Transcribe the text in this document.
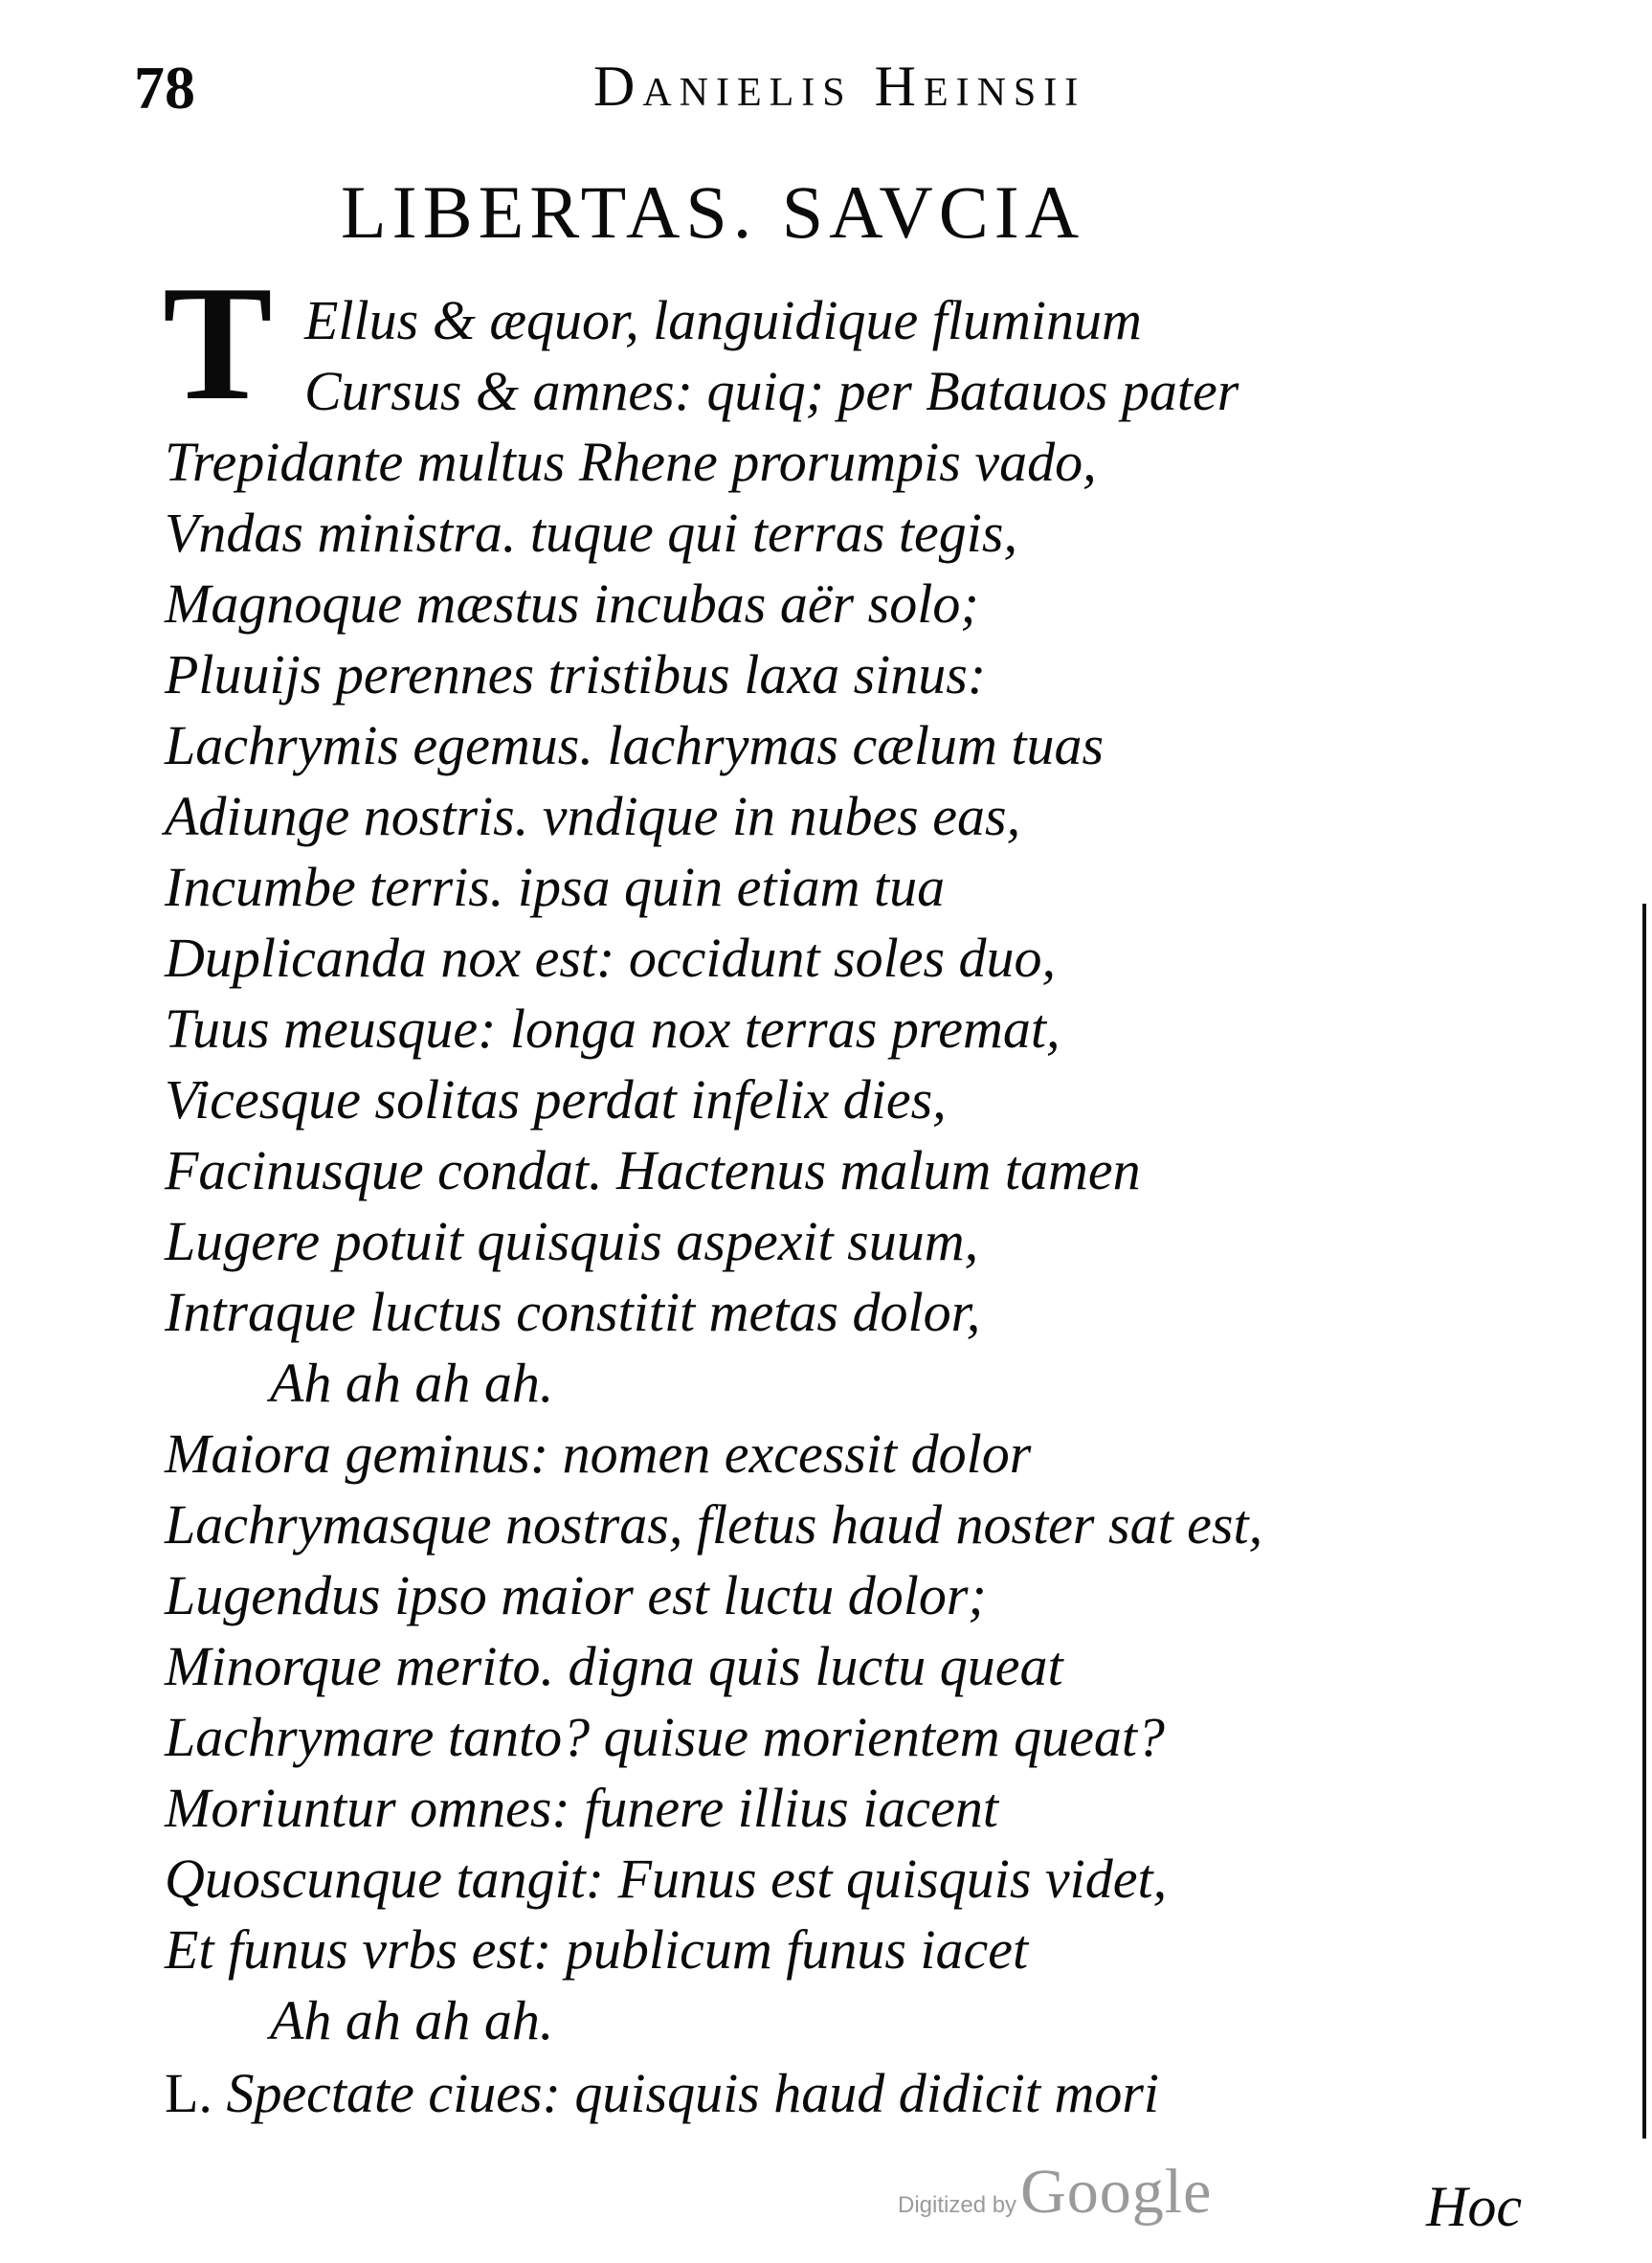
78	Danielis Heinsii
LIBERTAS. SAVCIA
T Ellus & æquor, languidique fluminum
Cursus & amnes: quiq; per Batauos pater
Trepidante multus Rhene prorumpis vado,
Vndas ministra. tuque qui terras tegis,
Magnoque mæstus incubas aër solo;
Pluuijs perennes tristibus laxa sinus:
Lachrymis egemus. lachrymas cælum tuas
Adiunge nostris. vndique in nubes eas,
Incumbe terris. ipsa quin etiam tua
Duplicanda nox est: occidunt soles duo,
Tuus meusque: longa nox terras premat,
Vicesque solitas perdat infelix dies,
Facinusque condat. Hactenus malum tamen
Lugere potuit quisquis aspexit suum,
Intraque luctus constitit metas dolor,
Ah ah ah ah.
Maiora geminus: nomen excessit dolor
Lachrymasque nostras, fletus haud noster sat est,
Lugendus ipso maior est luctu dolor;
Minorque merito. digna quis luctu queat
Lachrymare tanto? quisue morientem queat?
Moriuntur omnes: funere illius iacent
Quoscunque tangit: Funus est quisquis videt,
Et funus vrbs est: publicum funus iacet
Ah ah ah ah.
L. Spectate ciues: quisquis haud didicit mori
Digitized by Google	Hoc
